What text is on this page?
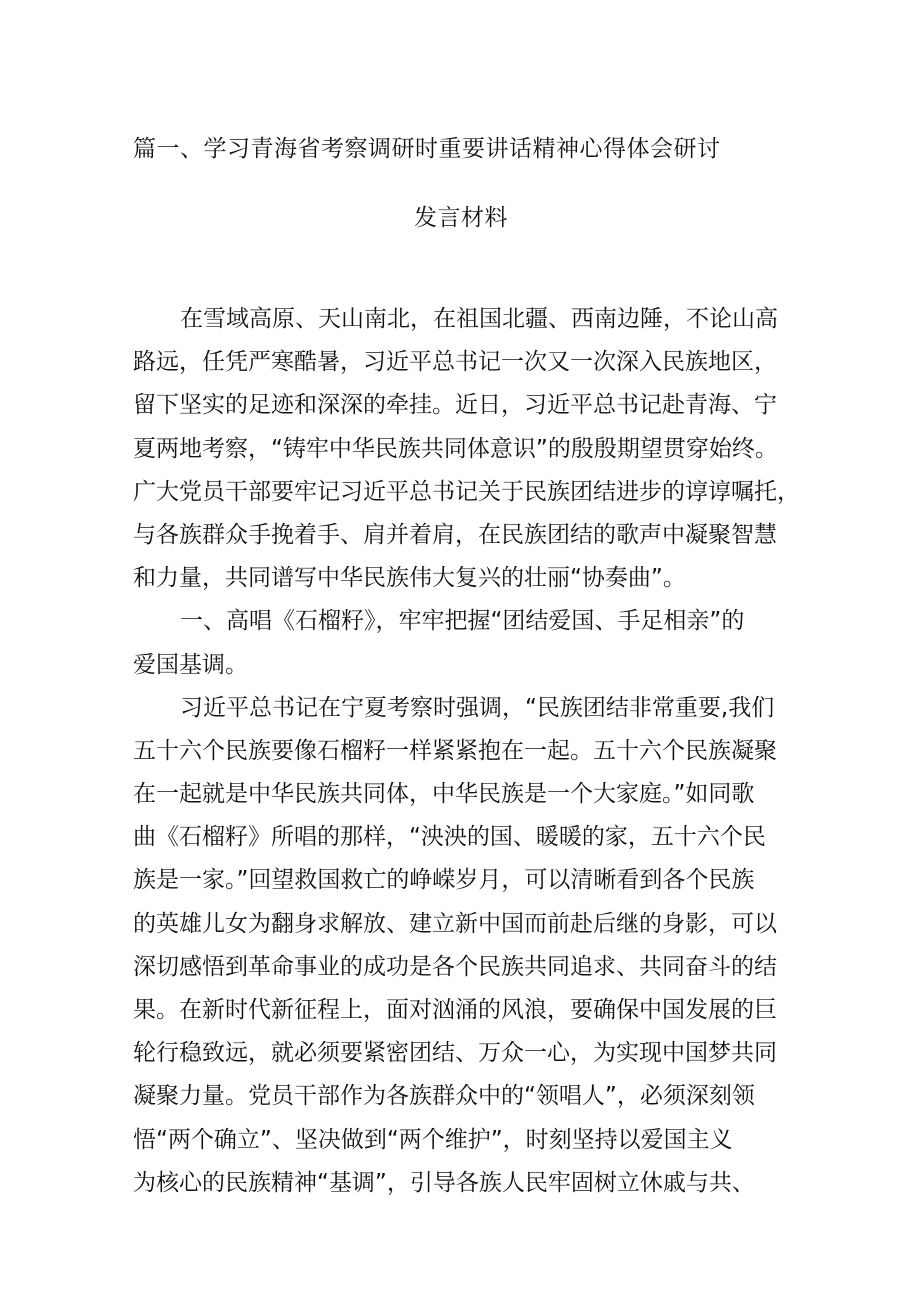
篇一、学习青海省考察调研时重要讲话精神心得体会研讨
发言材料
在雪域高原、天山南北，在祖国北疆、西南边陲，不论山高
路远，任凭严寒酷暑，习近平总书记一次又一次深入民族地区，
留下坚实的足迹和深深的牵挂。近日，习近平总书记赴青海、宁
夏两地考察，“铸牢中华民族共同体意识”的殷殷期望贯穿始终。
广大党员干部要牢记习近平总书记关于民族团结进步的谆谆嘱托，
与各族群众手挽着手、肩并着肩，在民族团结的歌声中凝聚智慧
和力量，共同谱写中华民族伟大复兴的壮丽“协奏曲”。
一、高唱《石榴籽》，牢牢把握“团结爱国、手足相亲”的
爱国基调。
习近平总书记在宁夏考察时强调，“民族团结非常重要,我们
五十六个民族要像石榴籽一样紧紧抱在一起。五十六个民族凝聚
在一起就是中华民族共同体，中华民族是一个大家庭。”如同歌
曲《石榴籽》所唱的那样，“泱泱的国、暖暖的家，五十六个民
族是一家。”回望救国救亡的峥嵘岁月，可以清晰看到各个民族
的英雄儿女为翻身求解放、建立新中国而前赴后继的身影，可以
深切感悟到革命事业的成功是各个民族共同追求、共同奋斗的结
果。在新时代新征程上，面对汹涌的风浪，要确保中国发展的巨
轮行稳致远，就必须要紧密团结、万众一心，为实现中国梦共同
凝聚力量。党员干部作为各族群众中的“领唱人”，必须深刻领
悟“两个确立”、坚决做到“两个维护”，时刻坚持以爱国主义
为核心的民族精神“基调”，引导各族人民牢固树立休戚与共、
